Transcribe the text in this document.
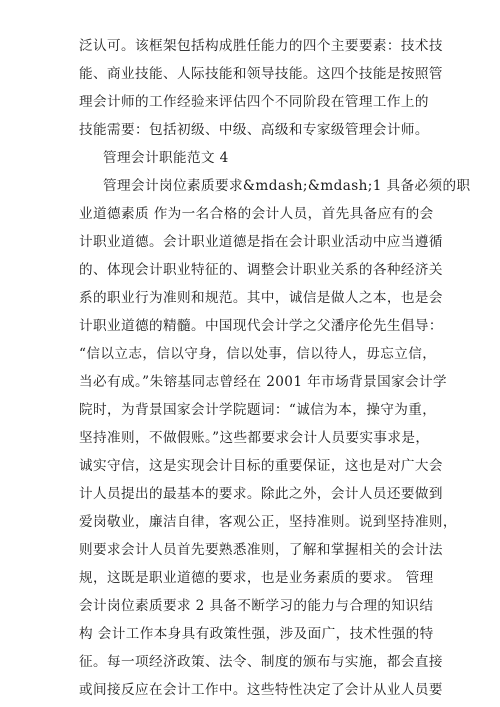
泛认可。该框架包括构成胜任能力的四个主要要素：技术技
能、商业技能、人际技能和领导技能。这四个技能是按照管
理会计师的工作经验来评估四个不同阶段在管理工作上的
技能需要：包括初级、中级、高级和专家级管理会计师。
管理会计职能范文 4
管理会计岗位素质要求&mdash;&mdash;1 具备必须的职
业道德素质 作为一名合格的会计人员，首先具备应有的会
计职业道德。会计职业道德是指在会计职业活动中应当遵循
的、体现会计职业特征的、调整会计职业关系的各种经济关
系的职业行为准则和规范。其中，诚信是做人之本，也是会
计职业道德的精髓。中国现代会计学之父潘序伦先生倡导：
“信以立志，信以守身，信以处事，信以待人，毋忘立信，
当必有成。”朱镕基同志曾经在 2001 年市场背景国家会计学
院时，为背景国家会计学院题词：“诚信为本，操守为重，
坚持准则，不做假账。”这些都要求会计人员要实事求是，
诚实守信，这是实现会计目标的重要保证，这也是对广大会
计人员提出的最基本的要求。除此之外，会计人员还要做到
爱岗敬业，廉洁自律，客观公正，坚持准则。说到坚持准则，
则要求会计人员首先要熟悉准则，了解和掌握相关的会计法
规，这既是职业道德的要求，也是业务素质的要求。 管理
会计岗位素质要求 2 具备不断学习的能力与合理的知识结
构 会计工作本身具有政策性强，涉及面广，技术性强的特
征。每一项经济政策、法令、制度的颁布与实施，都会直接
或间接反应在会计工作中。这些特性决定了会计从业人员要
